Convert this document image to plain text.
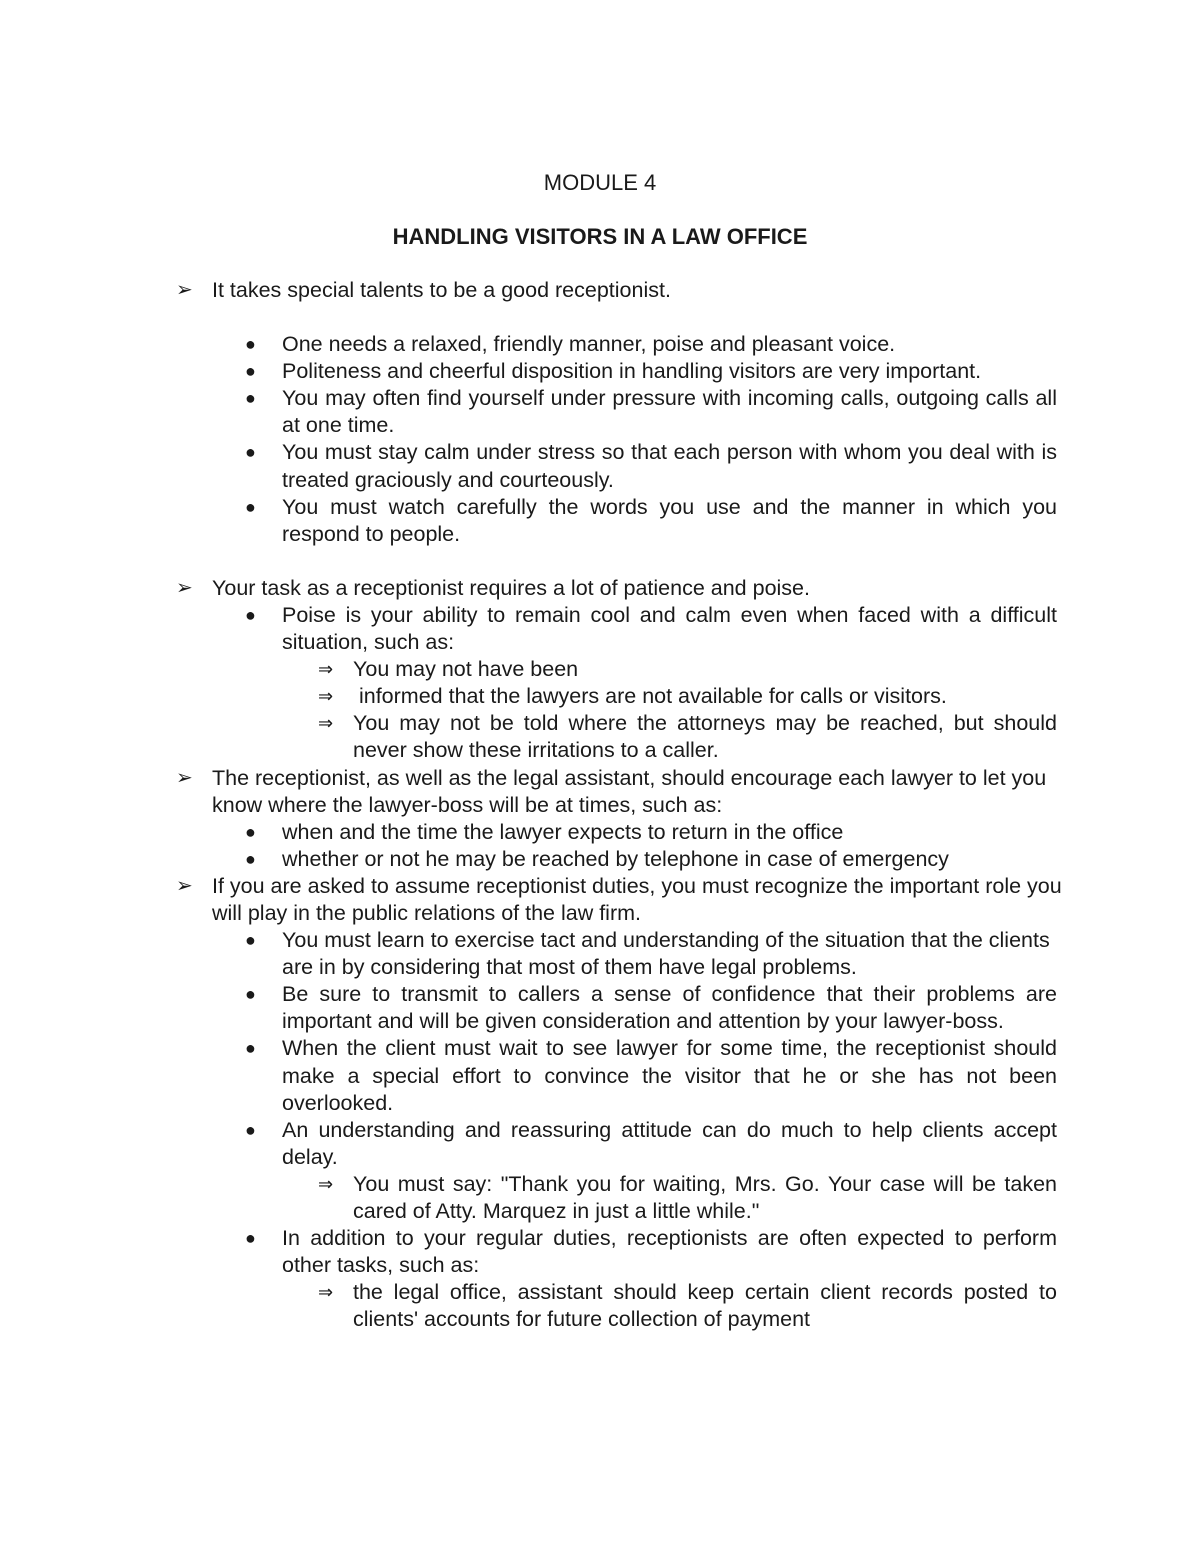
MODULE 4
HANDLING VISITORS IN A LAW OFFICE
➢ It takes special talents to be a good receptionist.
●	One needs a relaxed, friendly manner, poise and pleasant voice.
●	Politeness and cheerful disposition in handling visitors are very important.
●	You may often find yourself under pressure with incoming calls, outgoing calls all at one time.
●	You must stay calm under stress so that each person with whom you deal with is treated graciously and courteously.
●	You must watch carefully the words you use and the manner in which you respond to people.
➢ Your task as a receptionist requires a lot of patience and poise.
●	Poise is your ability to remain cool and calm even when faced with a difficult situation, such as:
⇒ You may not have been
⇒ informed that the lawyers are not available for calls or visitors.
⇒ You may not be told where the attorneys may be reached, but should never show these irritations to a caller.
➢ The receptionist, as well as the legal assistant, should encourage each lawyer to let you know where the lawyer-boss will be at times, such as:
●	when and the time the lawyer expects to return in the office
●	whether or not he may be reached by telephone in case of emergency
➢ If you are asked to assume receptionist duties, you must recognize the important role you will play in the public relations of the law firm.
●	You must learn to exercise tact and understanding of the situation that the clients are in by considering that most of them have legal problems.
●	Be sure to transmit to callers a sense of confidence that their problems are important and will be given consideration and attention by your lawyer-boss.
●	When the client must wait to see lawyer for some time, the receptionist should make a special effort to convince the visitor that he or she has not been overlooked.
●	An understanding and reassuring attitude can do much to help clients accept delay.
⇒ You must say: "Thank you for waiting, Mrs. Go. Your case will be taken cared of Atty. Marquez in just a little while."
●	In addition to your regular duties, receptionists are often expected to perform other tasks, such as:
⇒ the legal office, assistant should keep certain client records posted to clients' accounts for future collection of payment
